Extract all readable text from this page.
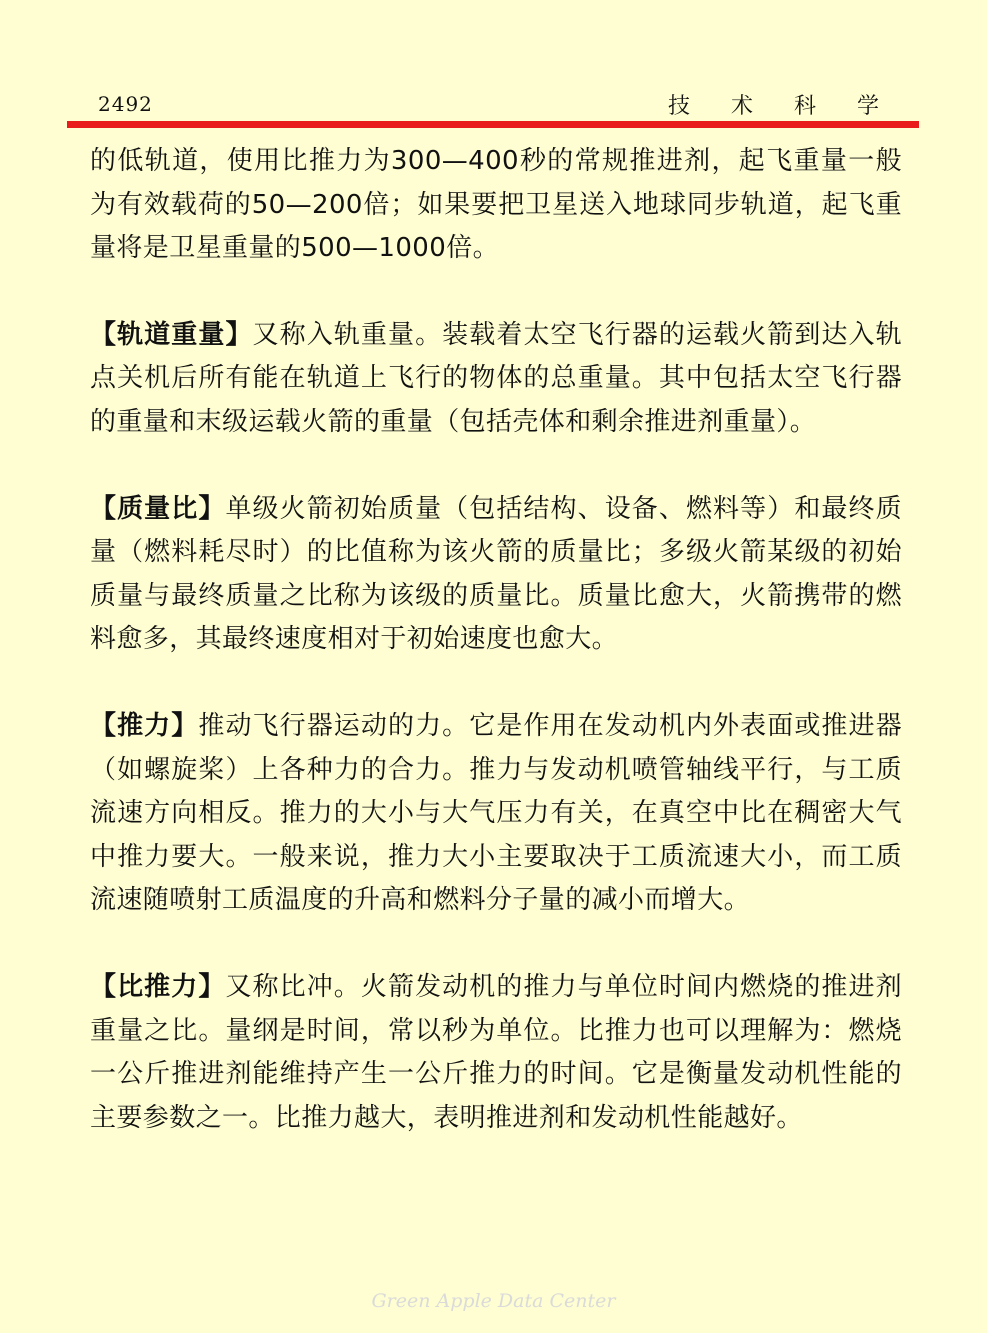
2492	技 术 科 学

的低轨道，使用比推力为300—400秒的常规推进剂，起飞重量一般为有效载荷的50—200倍；如果要把卫星送入地球同步轨道，起飞重量将是卫星重量的500—1000倍。

【轨道重量】又称入轨重量。装载着太空飞行器的运载火箭到达入轨点关机后所有能在轨道上飞行的物体的总重量。其中包括太空飞行器的重量和末级运载火箭的重量（包括壳体和剩余推进剂重量）。

【质量比】单级火箭初始质量（包括结构、设备、燃料等）和最终质量（燃料耗尽时）的比值称为该火箭的质量比；多级火箭某级的初始质量与最终质量之比称为该级的质量比。质量比愈大，火箭携带的燃料愈多，其最终速度相对于初始速度也愈大。

【推力】推动飞行器运动的力。它是作用在发动机内外表面或推进器（如螺旋桨）上各种力的合力。推力与发动机喷管轴线平行，与工质流速方向相反。推力的大小与大气压力有关，在真空中比在稠密大气中推力要大。一般来说，推力大小主要取决于工质流速大小，而工质流速随喷射工质温度的升高和燃料分子量的减小而增大。

【比推力】又称比冲。火箭发动机的推力与单位时间内燃烧的推进剂重量之比。量纲是时间，常以秒为单位。比推力也可以理解为：燃烧一公斤推进剂能维持产生一公斤推力的时间。它是衡量发动机性能的主要参数之一。比推力越大，表明推进剂和发动机性能越好。

Green Apple Data Center
